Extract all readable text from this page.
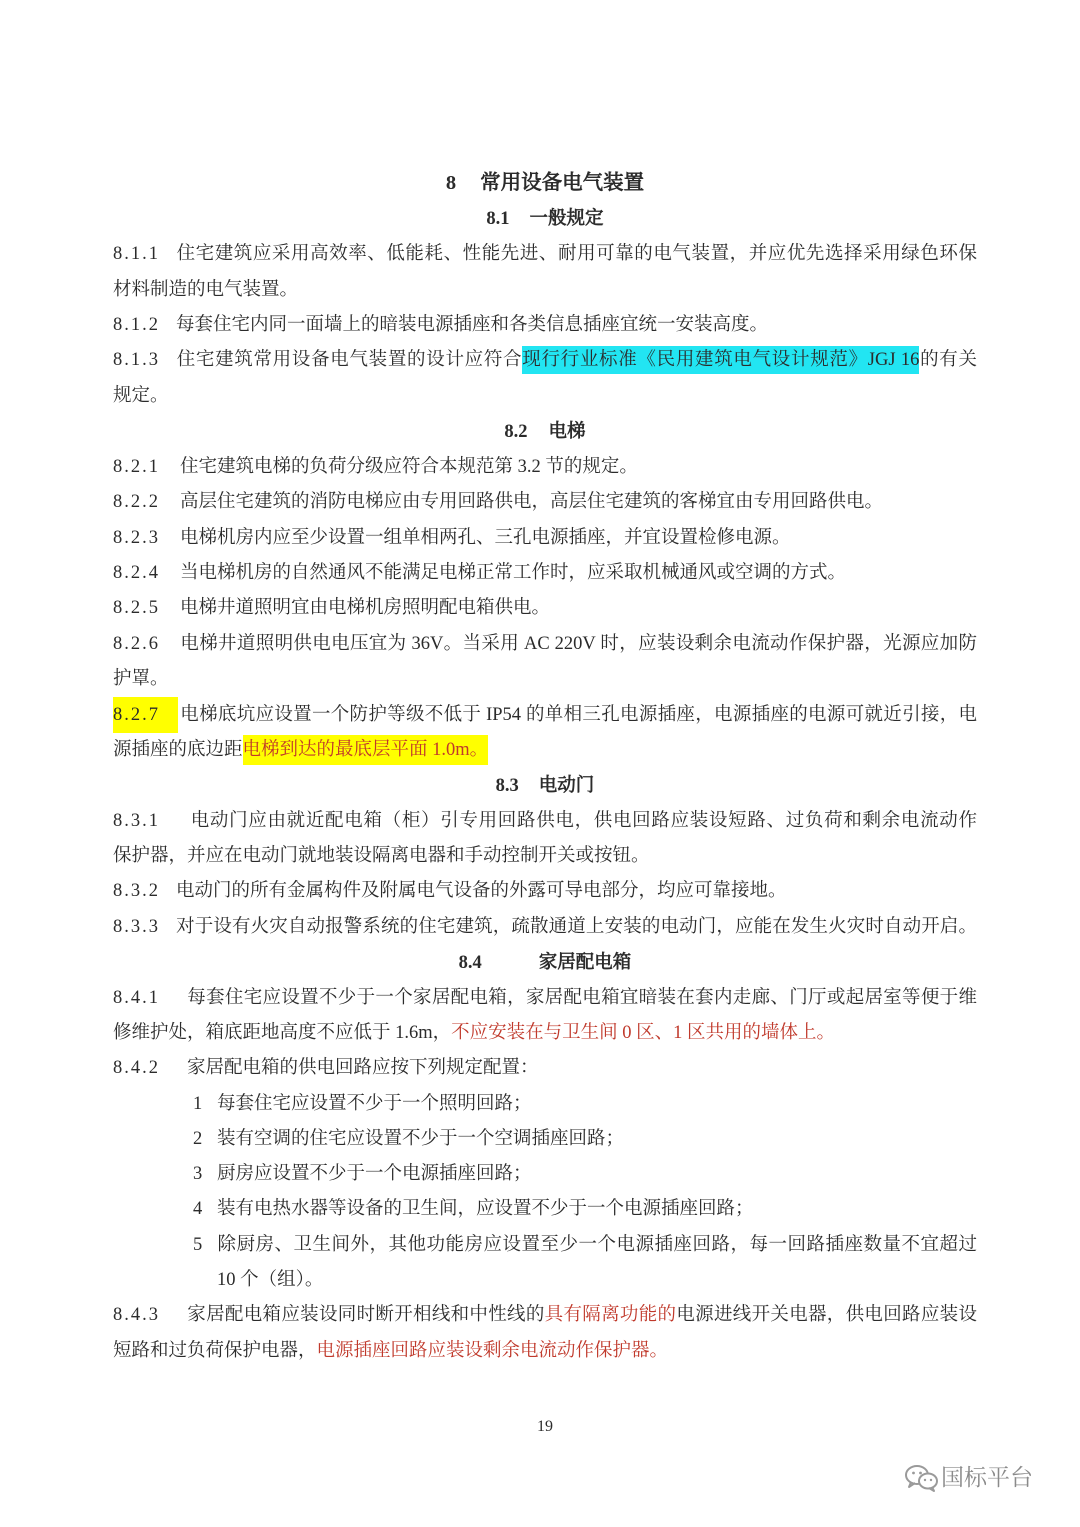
8 常用设备电气装置
8.1 一般规定
8.1.1 住宅建筑应采用高效率、低能耗、性能先进、耐用可靠的电气装置，并应优先选择采用绿色环保
材料制造的电气装置。
8.1.2 每套住宅内同一面墙上的暗装电源插座和各类信息插座宜统一安装高度。
8.1.3 住宅建筑常用设备电气装置的设计应符合现行行业标准《民用建筑电气设计规范》JGJ 16的有关
规定。
8.2 电梯
8.2.1 住宅建筑电梯的负荷分级应符合本规范第 3.2 节的规定。
8.2.2 高层住宅建筑的消防电梯应由专用回路供电，高层住宅建筑的客梯宜由专用回路供电。
8.2.3 电梯机房内应至少设置一组单相两孔、三孔电源插座，并宜设置检修电源。
8.2.4 当电梯机房的自然通风不能满足电梯正常工作时，应采取机械通风或空调的方式。
8.2.5 电梯井道照明宜由电梯机房照明配电箱供电。
8.2.6 电梯井道照明供电电压宜为 36V。当采用 AC 220V 时，应装设剩余电流动作保护器，光源应加防
护罩。
8.2.7 电梯底坑应设置一个防护等级不低于 IP54 的单相三孔电源插座，电源插座的电源可就近引接，电
源插座的底边距电梯到达的最底层平面 1.0m。
8.3 电动门
8.3.1 电动门应由就近配电箱（柜）引专用回路供电，供电回路应装设短路、过负荷和剩余电流动作
保护器，并应在电动门就地装设隔离电器和手动控制开关或按钮。
8.3.2 电动门的所有金属构件及附属电气设备的外露可导电部分，均应可靠接地。
8.3.3 对于设有火灾自动报警系统的住宅建筑，疏散通道上安装的电动门，应能在发生火灾时自动开启。
8.4	家居配电箱
8.4.1 每套住宅应设置不少于一个家居配电箱，家居配电箱宜暗装在套内走廊、门厅或起居室等便于维
修维护处，箱底距地高度不应低于 1.6m，不应安装在与卫生间 0 区、1 区共用的墙体上。
8.4.2 家居配电箱的供电回路应按下列规定配置：
1 每套住宅应设置不少于一个照明回路；
2 装有空调的住宅应设置不少于一个空调插座回路；
3 厨房应设置不少于一个电源插座回路；
4 装有电热水器等设备的卫生间，应设置不少于一个电源插座回路；
5 除厨房、卫生间外，其他功能房应设置至少一个电源插座回路，每一回路插座数量不宜超过
10 个（组）。
8.4.3 家居配电箱应装设同时断开相线和中性线的具有隔离功能的电源进线开关电器，供电回路应装设
短路和过负荷保护电器，电源插座回路应装设剩余电流动作保护器。
19
国标平台
